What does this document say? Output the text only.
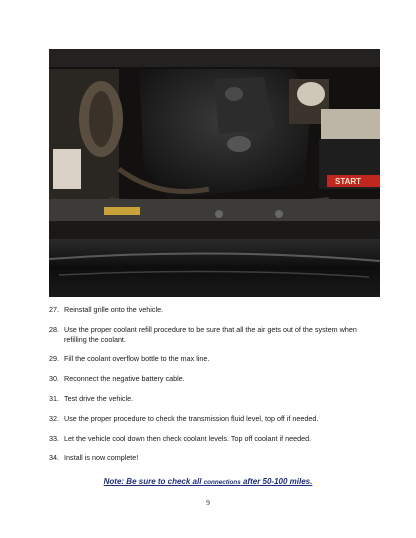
START
27. Reinstall grille onto the vehicle.
28. Use the proper coolant refill procedure to be sure that all the air gets out of the system when refilling the coolant.
29. Fill the coolant overflow bottle to the max line.
30. Reconnect the negative battery cable.
31. Test drive the vehicle.
32. Use the proper procedure to check the transmission fluid level, top off if needed.
33. Let the vehicle cool down then check coolant levels. Top off coolant if needed.
34. Install is now complete!
Note: Be sure to check all connections after 50-100 miles.
9
